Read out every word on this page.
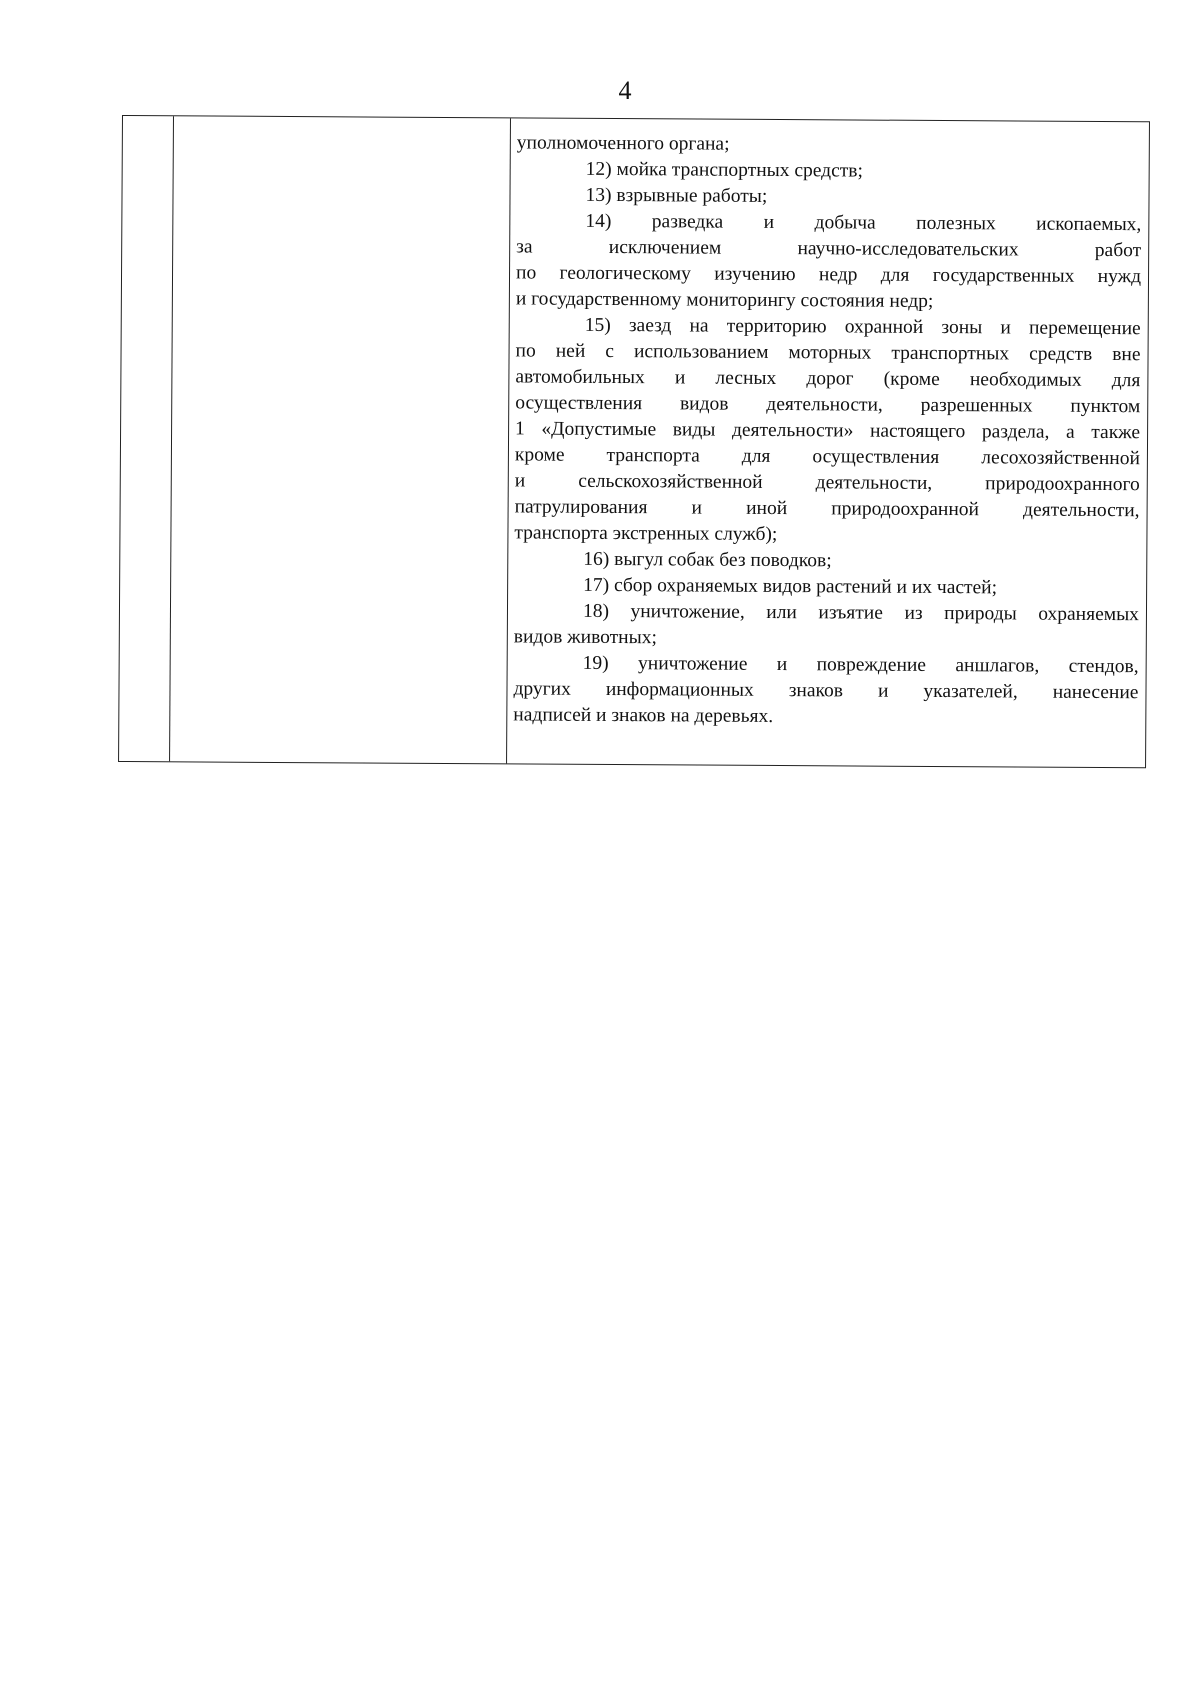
4

уполномоченного органа;

12) мойка транспортных средств;

13) взрывные работы;

14) разведка и добыча полезных ископаемых,

за исключением научно-исследовательских работ

по геологическому изучению недр для государственных нужд

и государственному мониторингу состояния недр;

15) заезд на территорию охранной зоны и перемещение

по ней с использованием моторных транспортных средств вне

автомобильных и лесных дорог (кроме необходимых для

осуществления видов деятельности, разрешенных пунктом

1 «Допустимые виды деятельности» настоящего раздела, а также

кроме транспорта для осуществления лесохозяйственной

и сельскохозяйственной деятельности, природоохранного

патрулирования и иной природоохранной деятельности,

транспорта экстренных служб);

16) выгул собак без поводков;

17) сбор охраняемых видов растений и их частей;

18) уничтожение, или изъятие из природы охраняемых

видов животных;

19) уничтожение и повреждение аншлагов, стендов,

других информационных знаков и указателей, нанесение

надписей и знаков на деревьях.
